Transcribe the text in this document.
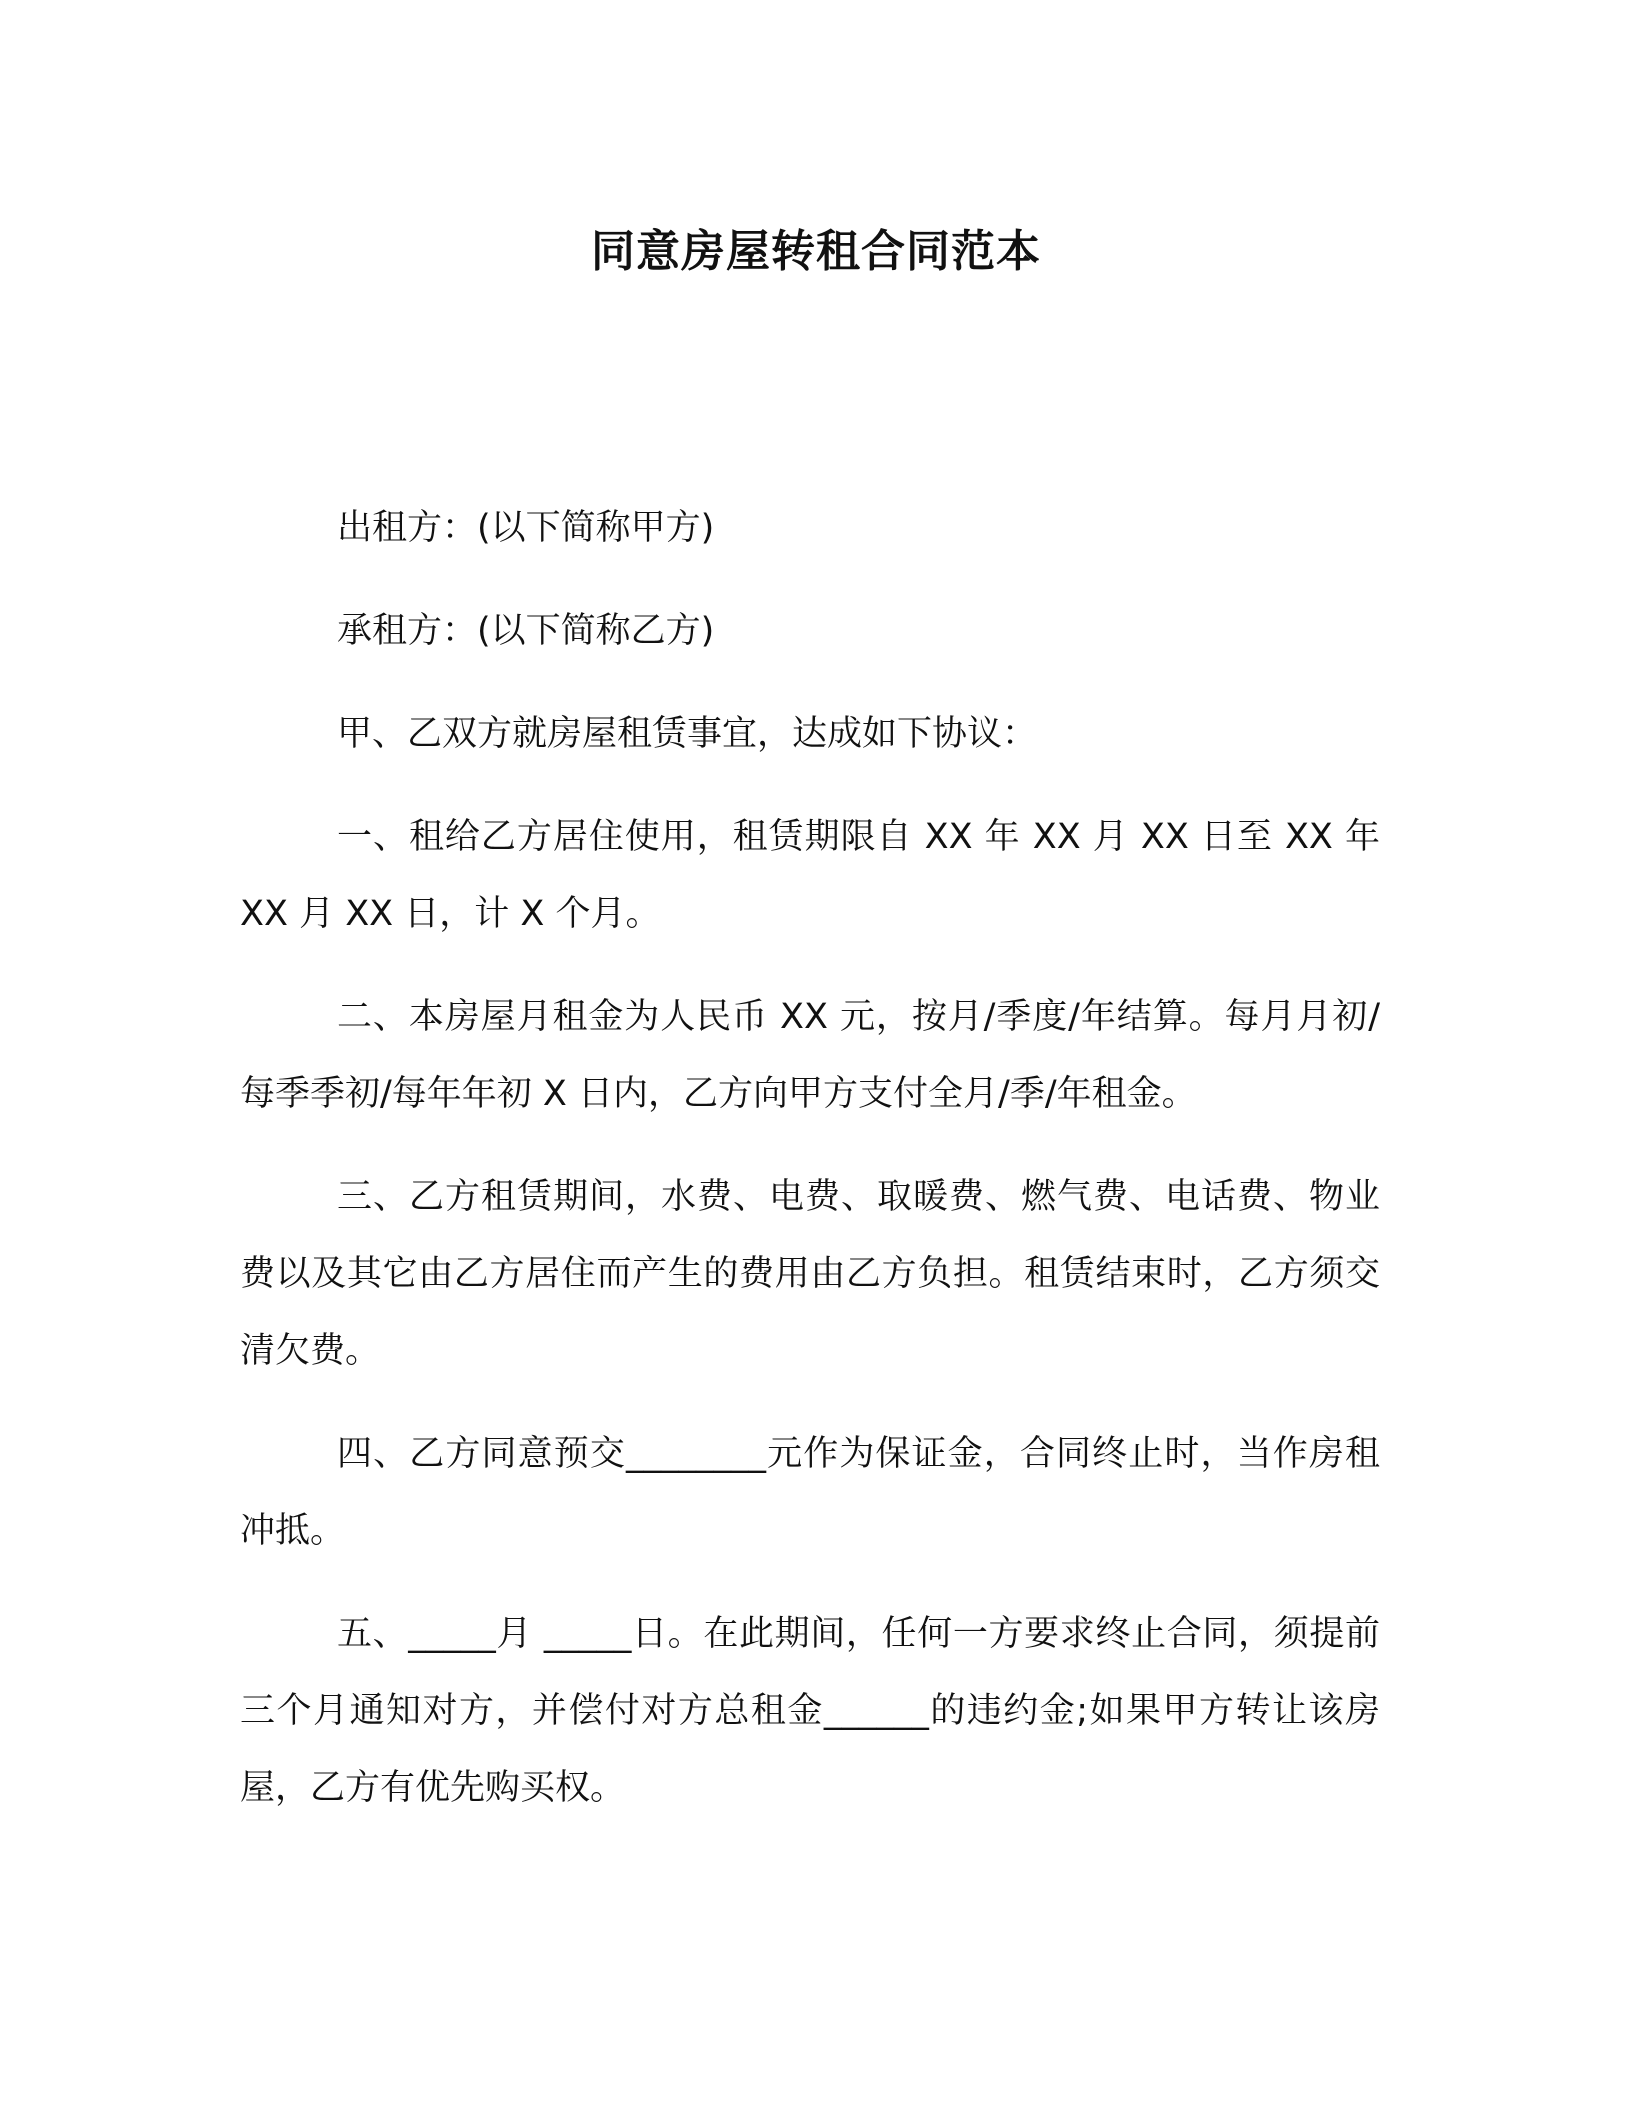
同意房屋转租合同范本

出租方：(以下简称甲方)

承租方：(以下简称乙方)

甲、乙双方就房屋租赁事宜，达成如下协议：

一、租给乙方居住使用，租赁期限自 XX 年 XX 月 XX 日至 XX 年 XX 月 XX 日，计 X 个月。

二、本房屋月租金为人民币 XX 元，按月/季度/年结算。每月月初/每季季初/每年年初 X 日内，乙方向甲方支付全月/季/年租金。

三、乙方租赁期间，水费、电费、取暖费、燃气费、电话费、物业费以及其它由乙方居住而产生的费用由乙方负担。租赁结束时，乙方须交清欠费。

四、乙方同意预交________元作为保证金，合同终止时，当作房租冲抵。

五、_____月 _____日。在此期间，任何一方要求终止合同，须提前三个月通知对方，并偿付对方总租金______的违约金;如果甲方转让该房屋，乙方有优先购买权。
